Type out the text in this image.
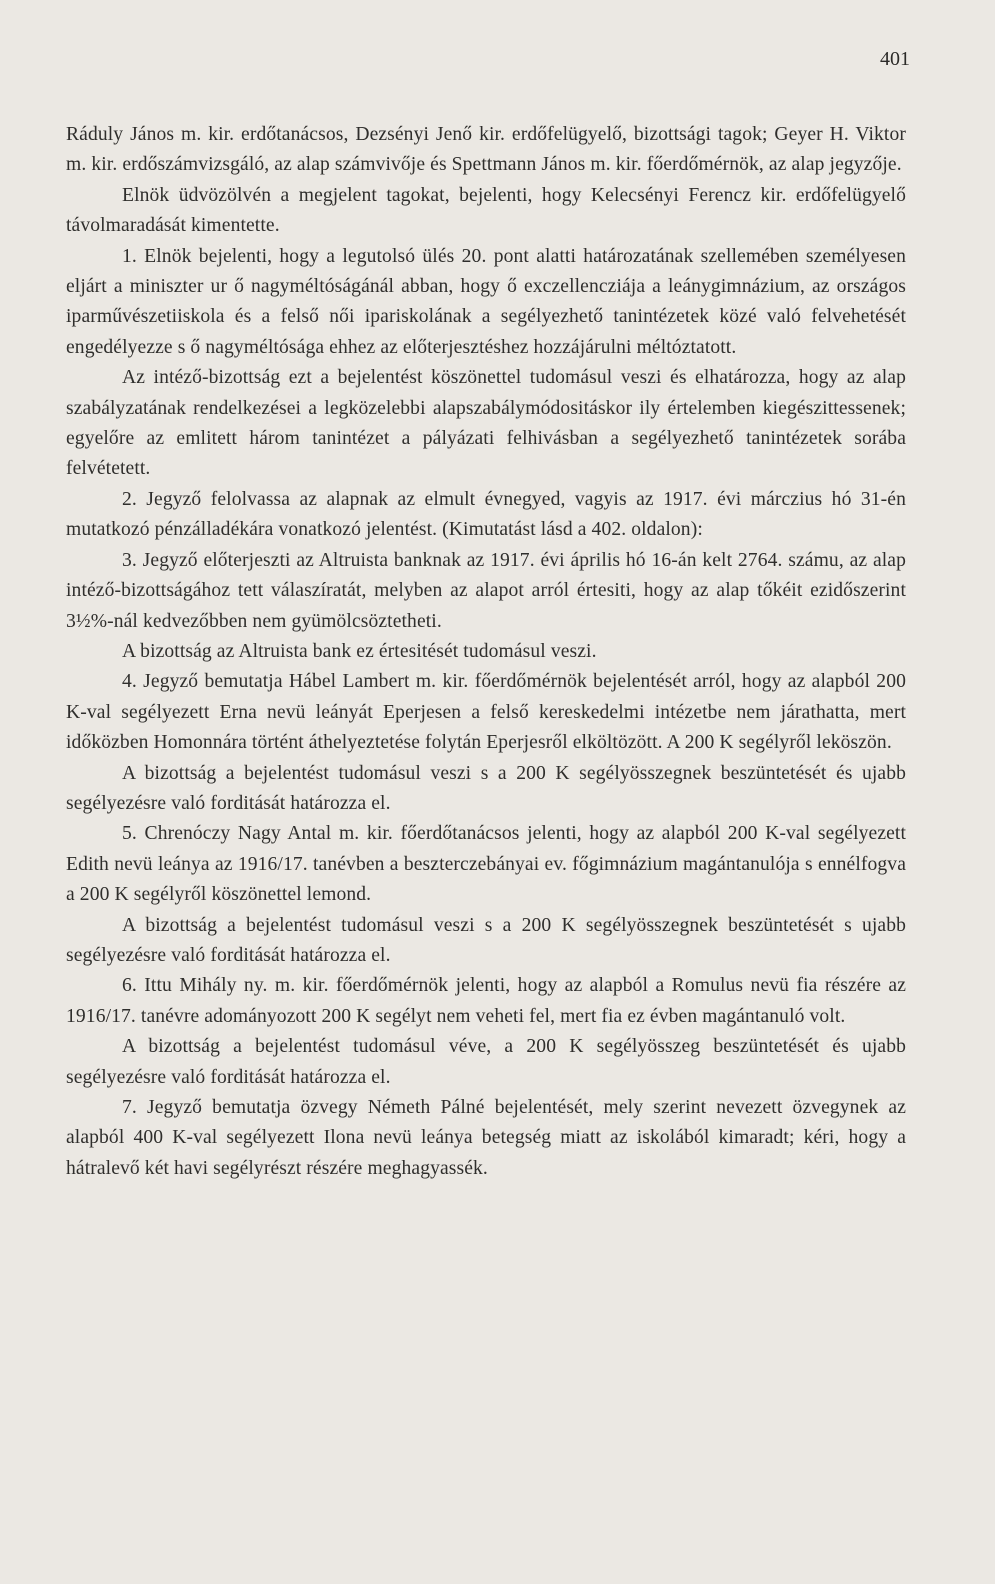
401

Ráduly János m. kir. erdőtanácsos, Dezsényi Jenő kir. erdőfelügyelő, bizottsági tagok; Geyer H. Viktor m. kir. erdőszámvizsgáló, az alap számvivője és Spettmann János m. kir. főerdőmérnök, az alap jegyzője.

Elnök üdvözölvén a megjelent tagokat, bejelenti, hogy Kelecsényi Ferencz kir. erdőfelügyelő távolmaradását kimentette.

1. Elnök bejelenti, hogy a legutolsó ülés 20. pont alatti határozatának szellemében személyesen eljárt a miniszter ur ő nagyméltóságánál abban, hogy ő exczellencziája a leánygimnázium, az országos iparművészetiiskola és a felső női ipariskolának a segélyezhető tanintézetek közé való felvehetését engedélyezze s ő nagyméltósága ehhez az előterjesztéshez hozzájárulni méltóztatott.

Az intéző-bizottság ezt a bejelentést köszönettel tudomásul veszi és elhatározza, hogy az alap szabályzatának rendelkezései a legközelebbi alapszabálymódositáskor ily értelemben kiegészittessenek; egyelőre az emlitett három tanintézet a pályázati felhivásban a segélyezhető tanintézetek sorába felvétetett.

2. Jegyző felolvassa az alapnak az elmult évnegyed, vagyis az 1917. évi márczius hó 31-én mutatkozó pénzálladékára vonatkozó jelentést. (Kimutatást lásd a 402. oldalon):

3. Jegyző előterjeszti az Altruista banknak az 1917. évi április hó 16-án kelt 2764. számu, az alap intéző-bizottságához tett válaszíratát, melyben az alapot arról értesiti, hogy az alap tőkéit ezidőszerint 3½%-nál kedvezőbben nem gyümölcsöztetheti.

A bizottság az Altruista bank ez értesitését tudomásul veszi.

4. Jegyző bemutatja Hábel Lambert m. kir. főerdőmérnök bejelentését arról, hogy az alapból 200 K-val segélyezett Erna nevü leányát Eperjesen a felső kereskedelmi intézetbe nem járathatta, mert időközben Homonnára történt áthelyeztetése folytán Eperjesről elköltözött. A 200 K segélyről leköszön.

A bizottság a bejelentést tudomásul veszi s a 200 K segélyösszegnek beszüntetését és ujabb segélyezésre való forditását határozza el.

5. Chrenóczy Nagy Antal m. kir. főerdőtanácsos jelenti, hogy az alapból 200 K-val segélyezett Edith nevü leánya az 1916/17. tanévben a beszterczebányai ev. főgimnázium magántanulója s ennélfogva a 200 K segélyről köszönettel lemond.

A bizottság a bejelentést tudomásul veszi s a 200 K segélyösszegnek beszüntetését s ujabb segélyezésre való forditását határozza el.

6. Ittu Mihály ny. m. kir. főerdőmérnök jelenti, hogy az alapból a Romulus nevü fia részére az 1916/17. tanévre adományozott 200 K segélyt nem veheti fel, mert fia ez évben magántanuló volt.

A bizottság a bejelentést tudomásul véve, a 200 K segélyösszeg beszüntetését és ujabb segélyezésre való forditását határozza el.

7. Jegyző bemutatja özvegy Németh Pálné bejelentését, mely szerint nevezett özvegynek az alapból 400 K-val segélyezett Ilona nevü leánya betegség miatt az iskolából kimaradt; kéri, hogy a hátralevő két havi segélyrészt részére meghagyassék.
